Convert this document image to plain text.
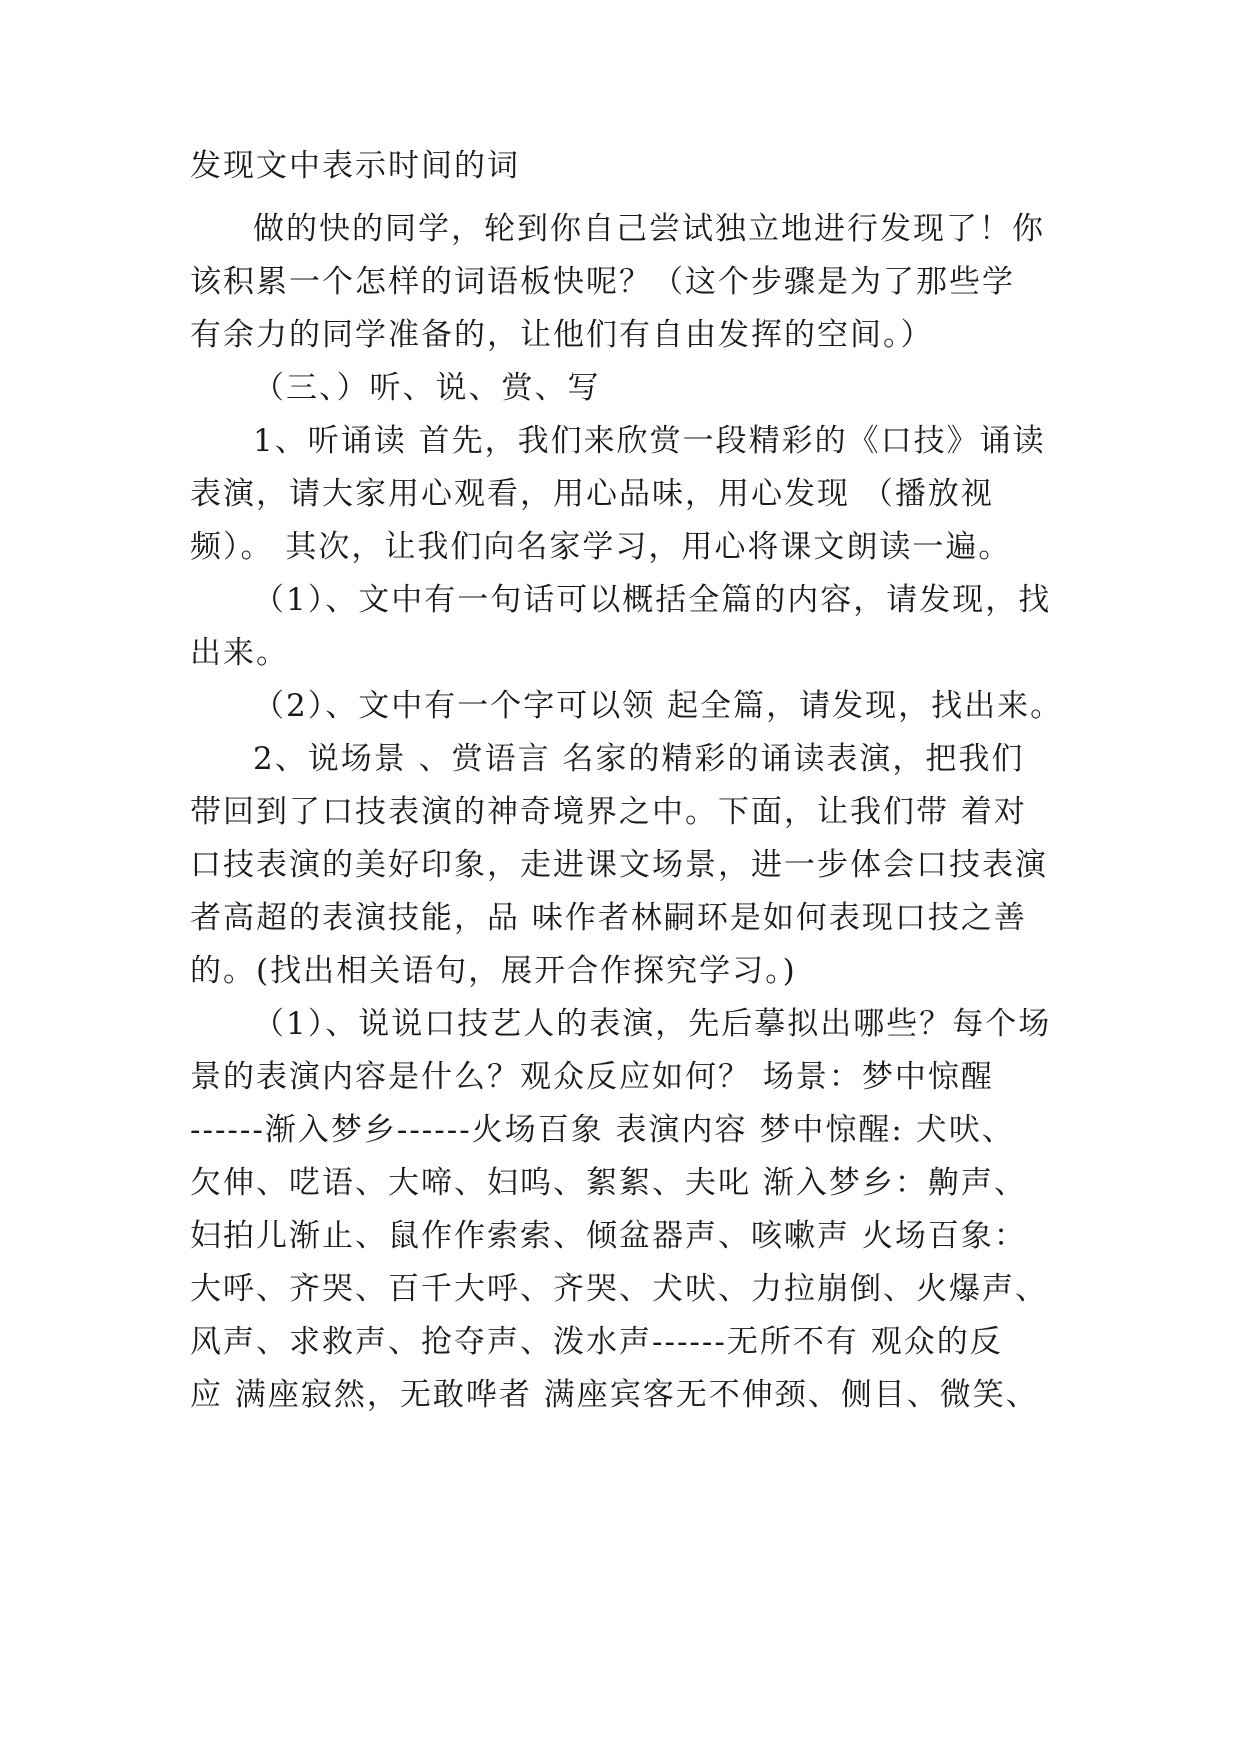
发现文中表示时间的词
做的快的同学，轮到你自己尝试独立地进行发现了！你
该积累一个怎样的词语板快呢？（这个步骤是为了那些学
有余力的同学准备的，让他们有自由发挥的空间。）
（三、）听、说、赏、写
1、听诵读 首先，我们来欣赏一段精彩的《口技》诵读
表演，请大家用心观看，用心品味，用心发现 （播放视
频）。 其次，让我们向名家学习，用心将课文朗读一遍。
（1）、文中有一句话可以概括全篇的内容，请发现，找
出来。
（2）、文中有一个字可以领 起全篇，请发现，找出来。
2、说场景 、赏语言 名家的精彩的诵读表演，把我们
带回到了口技表演的神奇境界之中。下面，让我们带 着对
口技表演的美好印象，走进课文场景，进一步体会口技表演
者高超的表演技能，品 味作者林嗣环是如何表现口技之善
的。(找出相关语句，展开合作探究学习。)
（1）、说说口技艺人的表演，先后摹拟出哪些？每个场
景的表演内容是什么？观众反应如何？ 场景：梦中惊醒
------渐入梦乡------火场百象 表演内容 梦中惊醒: 犬吠、
欠伸、呓语、大啼、妇呜、絮絮、夫叱 渐入梦乡：齁声、
妇拍儿渐止、鼠作作索索、倾盆器声、咳嗽声 火场百象：
大呼、齐哭、百千大呼、齐哭、犬吠、力拉崩倒、火爆声、
风声、求救声、抢夺声、泼水声------无所不有 观众的反
应 满座寂然，无敢哗者 满座宾客无不伸颈、侧目、微笑、
